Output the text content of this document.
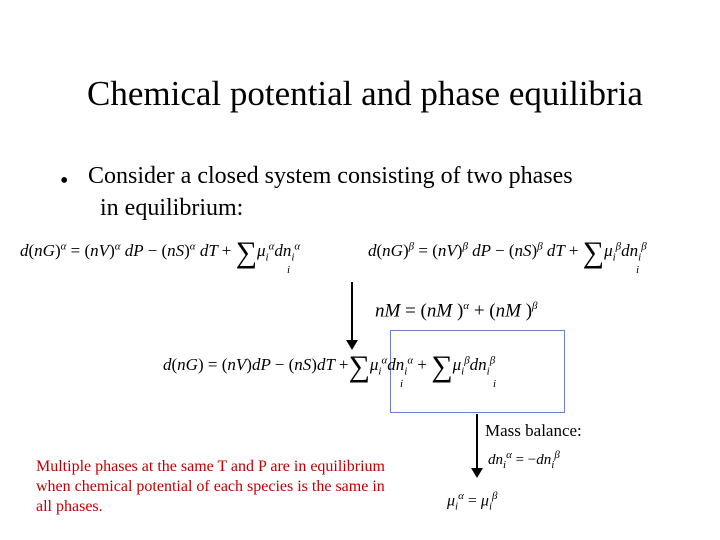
Chemical potential and phase equilibria
• Consider a closed system consisting of two phases
in equilibrium:
d(nG)$^\alpha$ = (nV)$^\alpha$ dP − (nS)$^\alpha$ dT + $\sum\mu_i^\alpha dn_i^\alpha$
i
d(nG)$^\beta$ = (nV)$^\beta$ dP − (nS)$^\beta$ dT + $\sum\mu_i^\beta dn_i^\beta$
i
nM = (nM )$^\alpha$ + (nM )$^\beta$
$d(nG) = (nV)dP - (nS)dT +\sum\mu_i^\alpha dn_i^\alpha + \sum\mu_i^\beta dn_i^\beta$
i	i
Mass balance:
$dn_i^\alpha = -dn_i^\beta$
$\mu_i^\alpha = \mu_i^\beta$
Multiple phases at the same T and P are in equilibrium when chemical potential of each species is the same in all phases.
